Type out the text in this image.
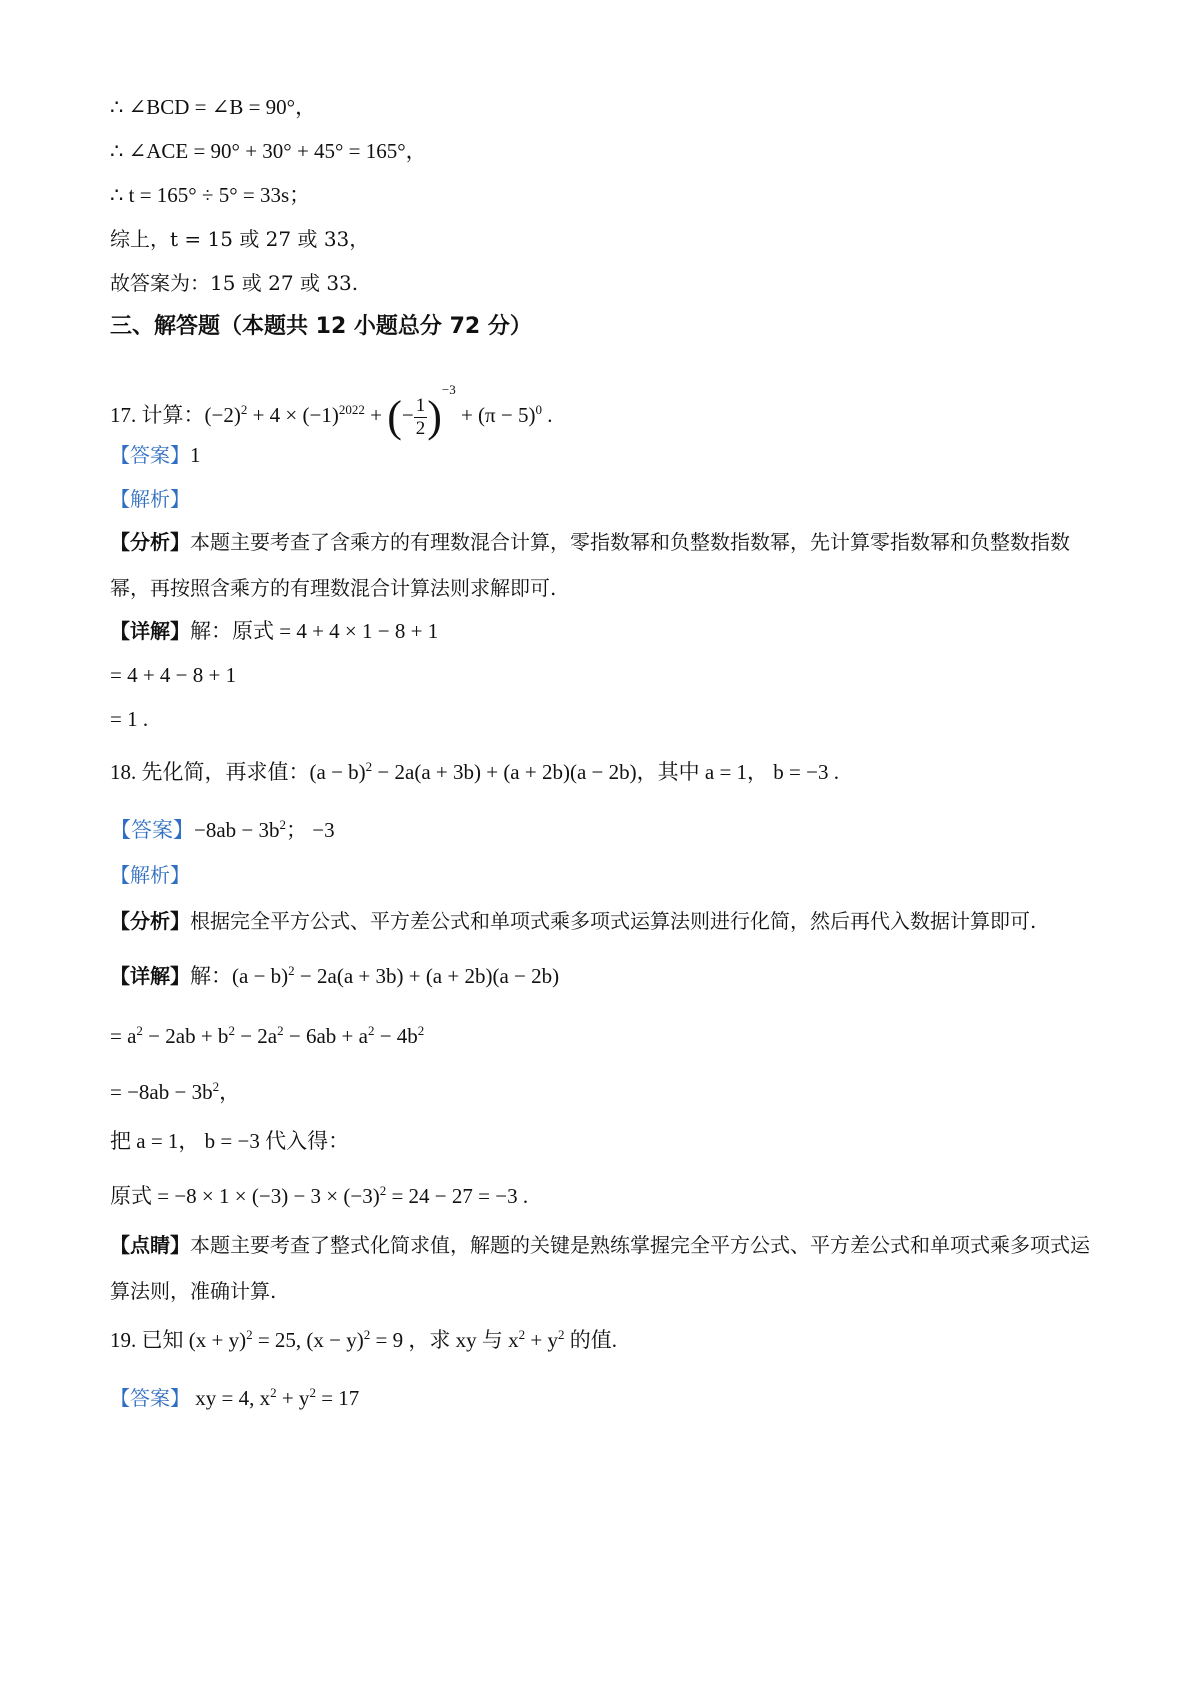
∴ ∠BCD = ∠B = 90°，
∴ ∠ACE = 90° + 30° + 45° = 165°，
∴ t = 165° ÷ 5° = 33s；
综上，t = 15 或 27 或 33，
故答案为：15 或 27 或 33.
三、解答题（本题共 12 小题总分 72 分）
17. 计算：$(-2)^2 + 4 \times (-1)^{2022}$ + (− $\frac{1}{2} )^{-3} + (\pi - 5)^0$ .
【答案】1
【解析】
【分析】本题主要考查了含乘方的有理数混合计算，零指数幂和负整数指数幂，先计算零指数幂和负整数指数幂，再按照含乘方的有理数混合计算法则求解即可.
【详解】解：原式 = 4 + 4 × 1 − 8 + 1
= 4 + 4 − 8 + 1
= 1 .
18. 先化简，再求值：$(a - b)^2 - 2a(a + 3b) + (a + 2b)(a - 2b)$，其中 a = 1， b = −3 .
【答案】$-8ab - 3b^2$； −3
【解析】
【分析】根据完全平方公式、平方差公式和单项式乘多项式运算法则进行化简，然后再代入数据计算即可.
【详解】解：$(a - b)^2 - 2a(a + 3b) + (a + 2b)(a - 2b)$
= $a^2 - 2ab + b^2 - 2a^2 - 6ab + a^2 - 4b^2$
= $-8ab - 3b^2$，
把 a = 1， b = −3 代入得：
原式 = $-8 \times 1 \times (-3) - 3 \times (-3)^2 = 24 - 27 = -3$ .
【点睛】本题主要考查了整式化简求值，解题的关键是熟练掌握完全平方公式、平方差公式和单项式乘多项式运算法则，准确计算.
19. 已知 $(x + y)^2 = 25$, $(x - y)^2 = 9$ ，求 xy 与 $x^2 + y^2$ 的值.
【答案】 xy = 4, $x^2 + y^2 = 17$
